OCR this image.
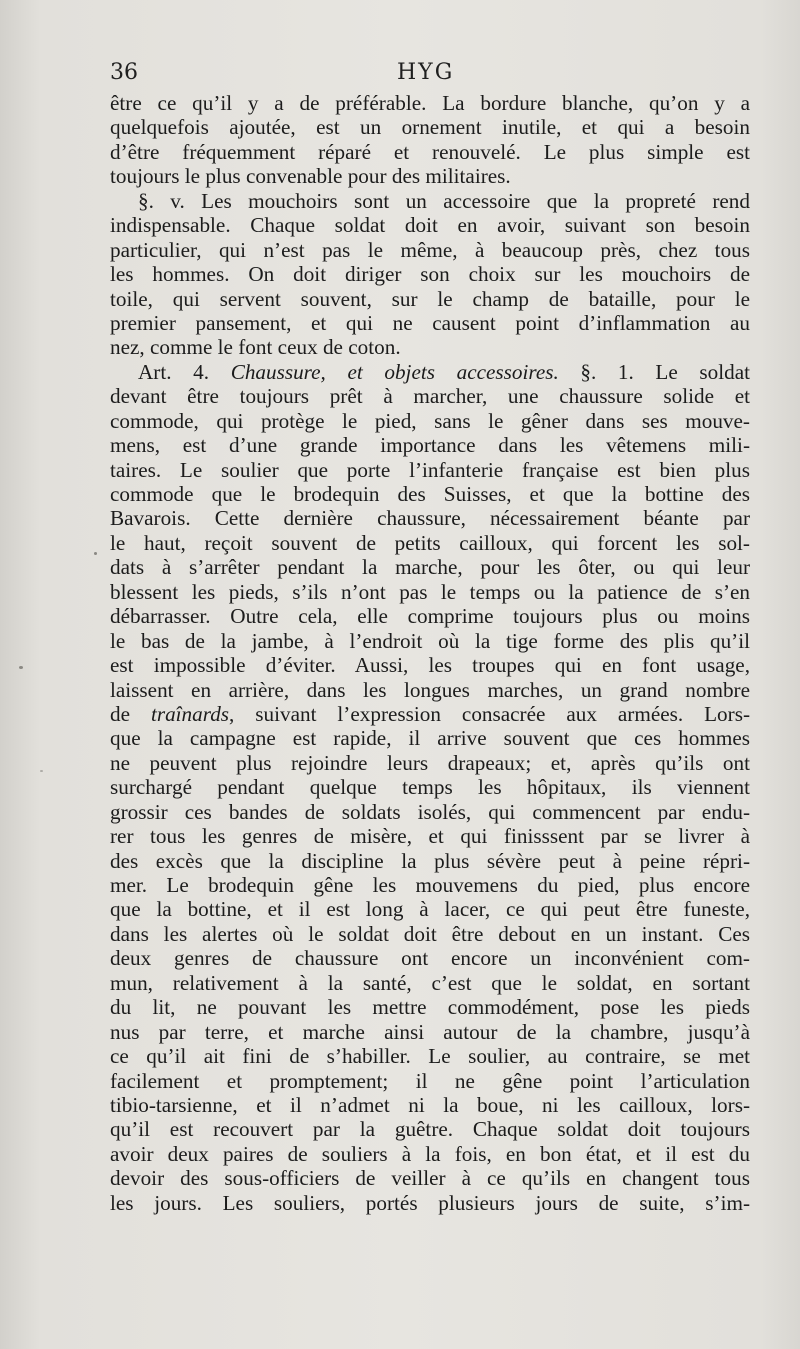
36	HYG
être ce qu’il y a de préférable. La bordure blanche, qu’on y a
quelquefois ajoutée, est un ornement inutile, et qui a besoin
d’être fréquemment réparé et renouvelé. Le plus simple est
toujours le plus convenable pour des militaires.
§. v. Les mouchoirs sont un accessoire que la propreté rend
indispensable. Chaque soldat doit en avoir, suivant son besoin
particulier, qui n’est pas le même, à beaucoup près, chez tous
les hommes. On doit diriger son choix sur les mouchoirs de
toile, qui servent souvent, sur le champ de bataille, pour le
premier pansement, et qui ne causent point d’inflammation au
nez, comme le font ceux de coton.
Art. 4. Chaussure, et objets accessoires. §. 1. Le soldat
devant être toujours prêt à marcher, une chaussure solide et
commode, qui protège le pied, sans le gêner dans ses mouve-
mens, est d’une grande importance dans les vêtemens mili-
taires. Le soulier que porte l’infanterie française est bien plus
commode que le brodequin des Suisses, et que la bottine des
Bavarois. Cette dernière chaussure, nécessairement béante par
le haut, reçoit souvent de petits cailloux, qui forcent les sol-
dats à s’arrêter pendant la marche, pour les ôter, ou qui leur
blessent les pieds, s’ils n’ont pas le temps ou la patience de s’en
débarrasser. Outre cela, elle comprime toujours plus ou moins
le bas de la jambe, à l’endroit où la tige forme des plis qu’il
est impossible d’éviter. Aussi, les troupes qui en font usage,
laissent en arrière, dans les longues marches, un grand nombre
de traînards, suivant l’expression consacrée aux armées. Lors-
que la campagne est rapide, il arrive souvent que ces hommes
ne peuvent plus rejoindre leurs drapeaux; et, après qu’ils ont
surchargé pendant quelque temps les hôpitaux, ils viennent
grossir ces bandes de soldats isolés, qui commencent par endu-
rer tous les genres de misère, et qui finisssent par se livrer à
des excès que la discipline la plus sévère peut à peine répri-
mer. Le brodequin gêne les mouvemens du pied, plus encore
que la bottine, et il est long à lacer, ce qui peut être funeste,
dans les alertes où le soldat doit être debout en un instant. Ces
deux genres de chaussure ont encore un inconvénient com-
mun, relativement à la santé, c’est que le soldat, en sortant
du lit, ne pouvant les mettre commodément, pose les pieds
nus par terre, et marche ainsi autour de la chambre, jusqu’à
ce qu’il ait fini de s’habiller. Le soulier, au contraire, se met
facilement et promptement; il ne gêne point l’articulation
tibio-tarsienne, et il n’admet ni la boue, ni les cailloux, lors-
qu’il est recouvert par la guêtre. Chaque soldat doit toujours
avoir deux paires de souliers à la fois, en bon état, et il est du
devoir des sous-officiers de veiller à ce qu’ils en changent tous
les jours. Les souliers, portés plusieurs jours de suite, s’im-
